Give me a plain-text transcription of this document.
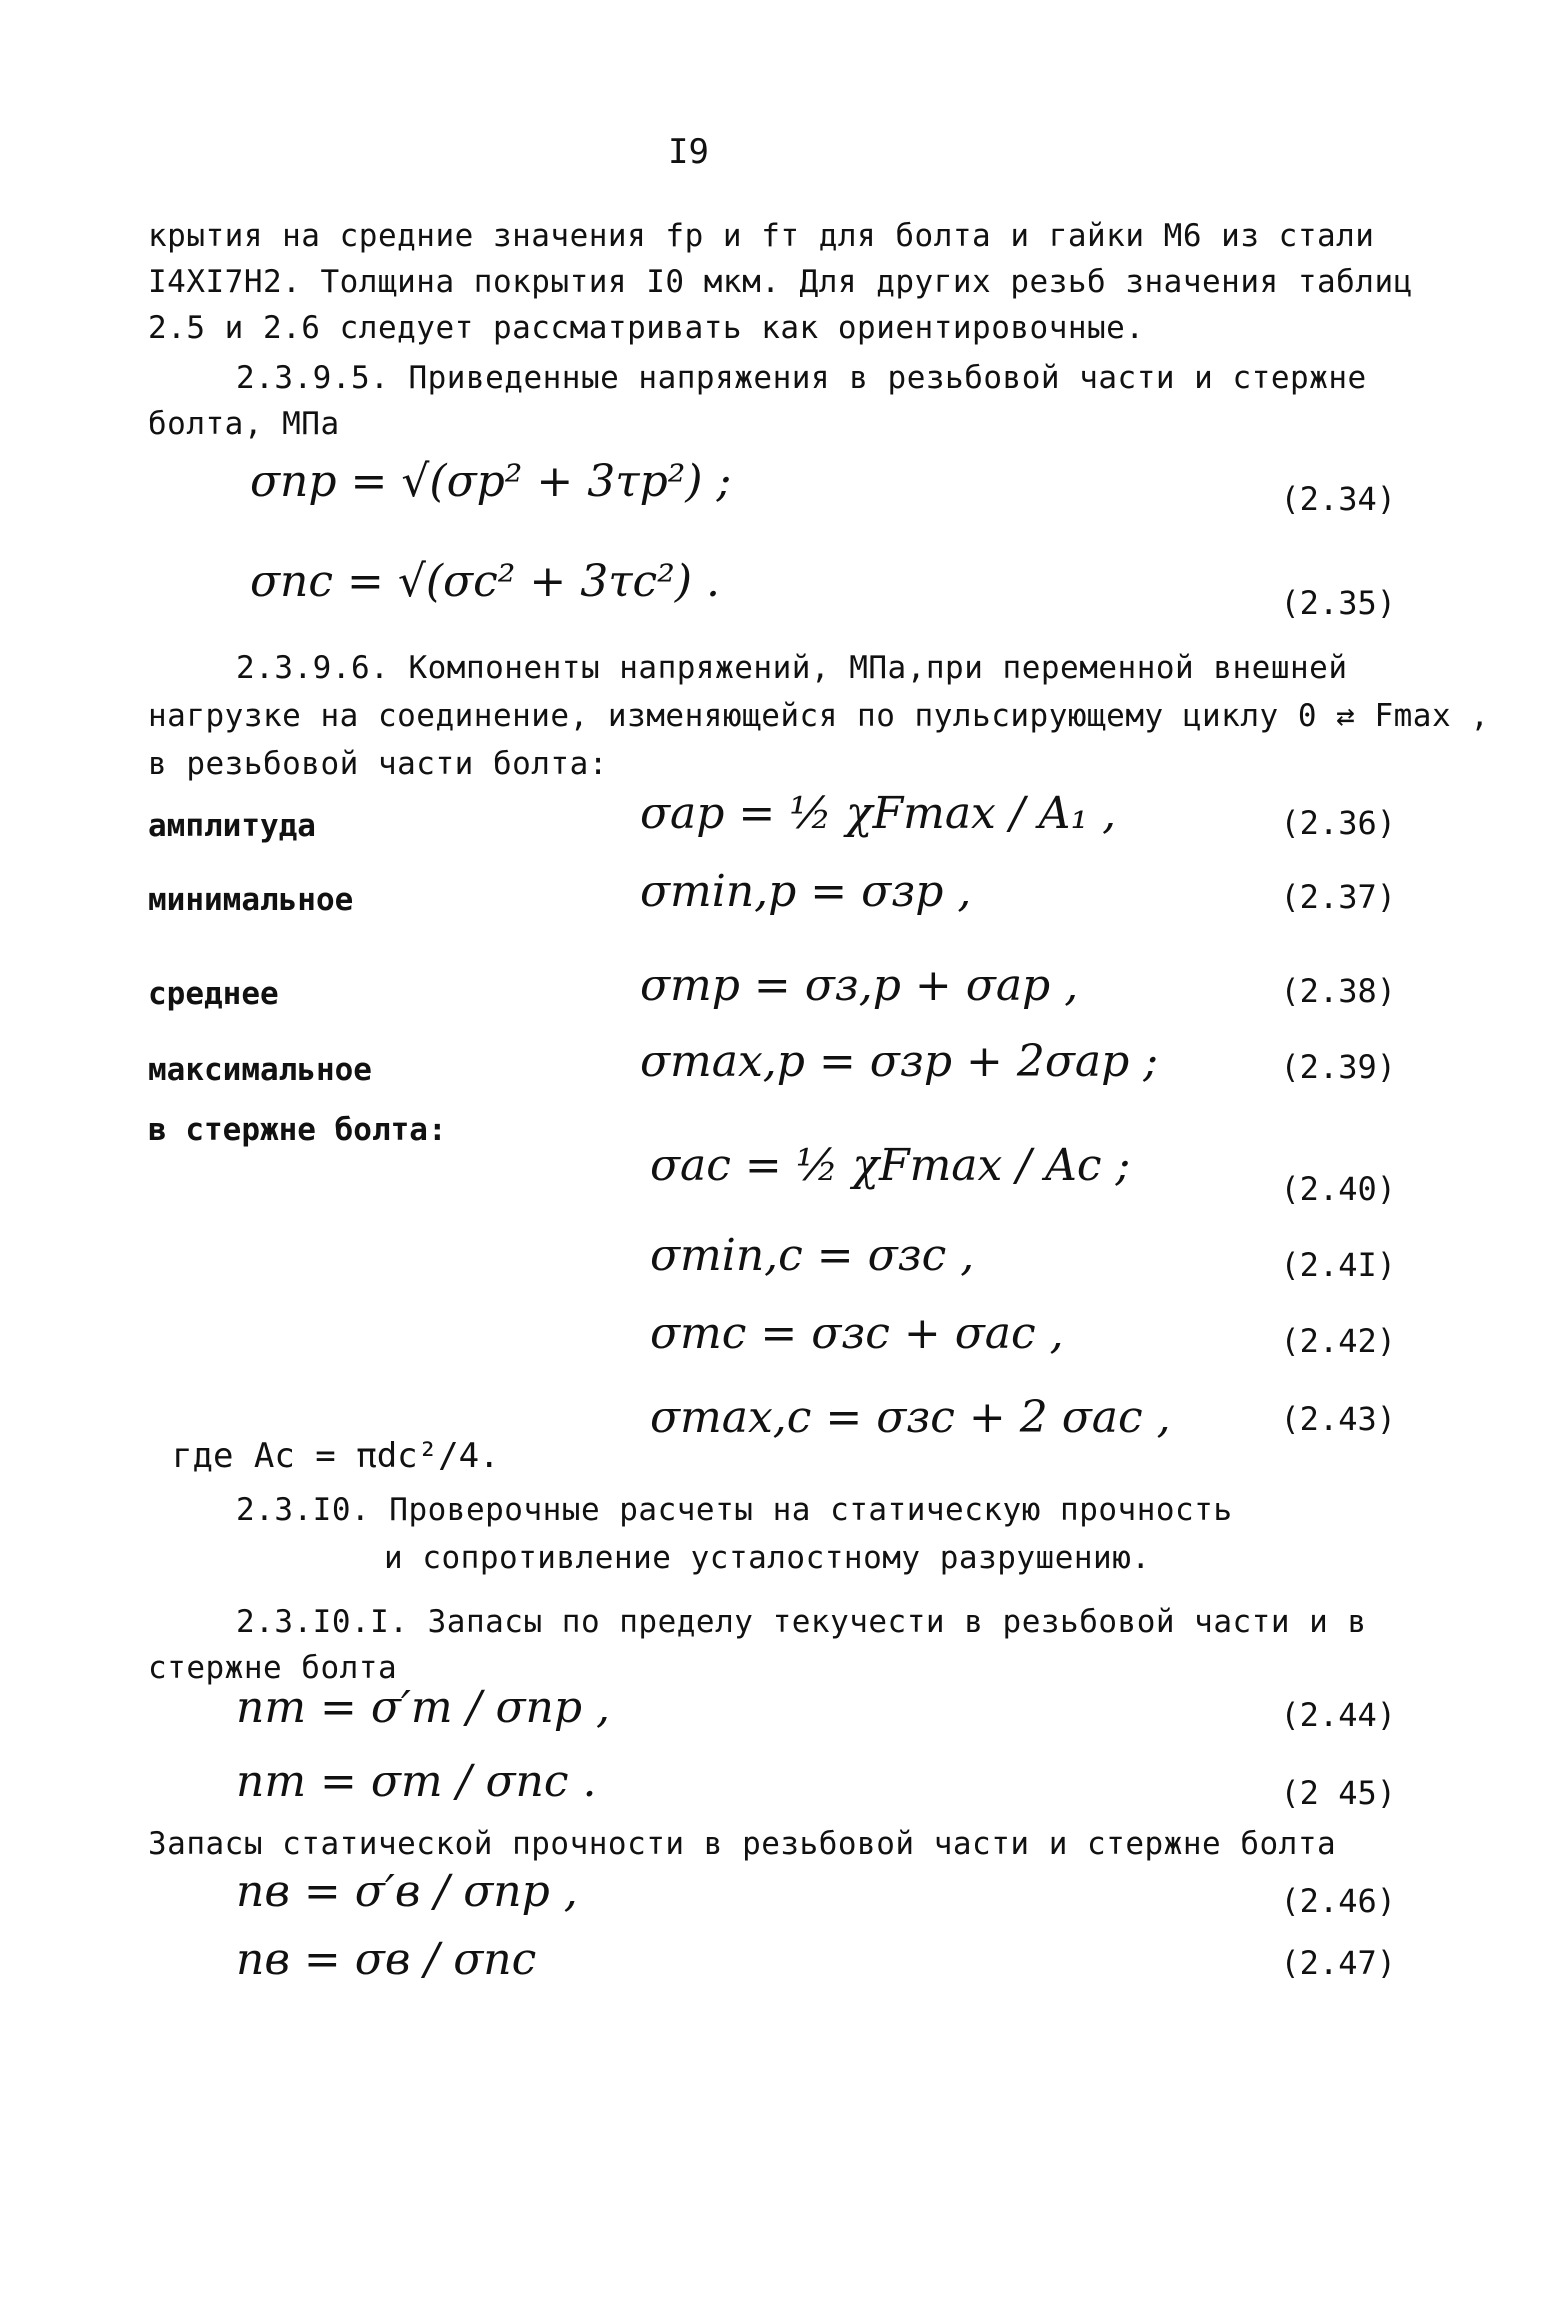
I9
крытия на средние значения fp и fт для болта и гайки М6 из стали
I4XI7Н2. Толщина покрытия I0 мкм. Для других резьб значения таблиц
2.5 и 2.6 следует рассматривать как ориентировочные.
2.3.9.5. Приведенные напряжения в резьбовой части и стержне
болта, МПа
σпр = √(σр² + 3τр²) ;	(2.34)
σпс = √(σс² + 3τс²) .	(2.35)
2.3.9.6. Компоненты напряжений, МПа,при переменной внешней
нагрузке на соединение, изменяющейся по пульсирующему циклу 0 ⇄ Fmax ,
в резьбовой части болта:
амплитуда	σар = ½ χFmax / A₁ ,	(2.36)
минимальное	σmin,р = σзр ,	(2.37)
среднее	σmр = σз,р + σар ,	(2.38)
максимальное	σmax,р = σзр + 2σар ;	(2.39)
в стержне болта:
σас = ½ χFmax / Aс ;	(2.40)
σmin,с = σзс ,	(2.4I)
σmс = σзс + σас ,	(2.42)
σmax,с = σзс + 2 σас ,	(2.43)
где Aс = πdс²/4.
2.3.I0. Проверочные расчеты на статическую прочность
и сопротивление усталостному разрушению.
2.3.I0.I. Запасы по пределу текучести в резьбовой части и в
стержне болта
nт = σ′т / σпр ,	(2.44)
nт = σт / σпс .	(2 45)
Запасы статической прочности в резьбовой части и стержне болта
nв = σ′в / σпр ,	(2.46)
nв = σв / σпс	(2.47)
